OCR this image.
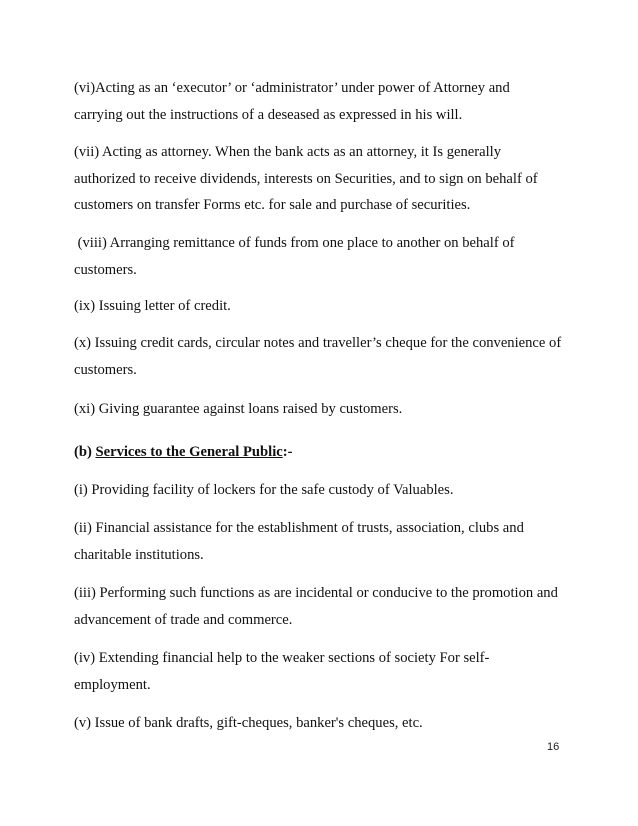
(vi)Acting as an ‘executor’ or ‘administrator’ under power of Attorney and
carrying out the instructions of a deseased as expressed in his will.

(vii) Acting as attorney. When the bank acts as an attorney, it Is generally
authorized to receive dividends, interests on Securities, and to sign on behalf of
customers on transfer Forms etc. for sale and purchase of securities.

(viii) Arranging remittance of funds from one place to another on behalf of
customers.

(ix) Issuing letter of credit.

(x) Issuing credit cards, circular notes and traveller’s cheque for the convenience of
customers.

(xi) Giving guarantee against loans raised by customers.

(b) Services to the General Public:-

(i) Providing facility of lockers for the safe custody of Valuables.

(ii) Financial assistance for the establishment of trusts, association, clubs and
charitable institutions.

(iii) Performing such functions as are incidental or conducive to the promotion and
advancement of trade and commerce.

(iv) Extending financial help to the weaker sections of society For self-
employment.

(v) Issue of bank drafts, gift-cheques, banker's cheques, etc.

16
